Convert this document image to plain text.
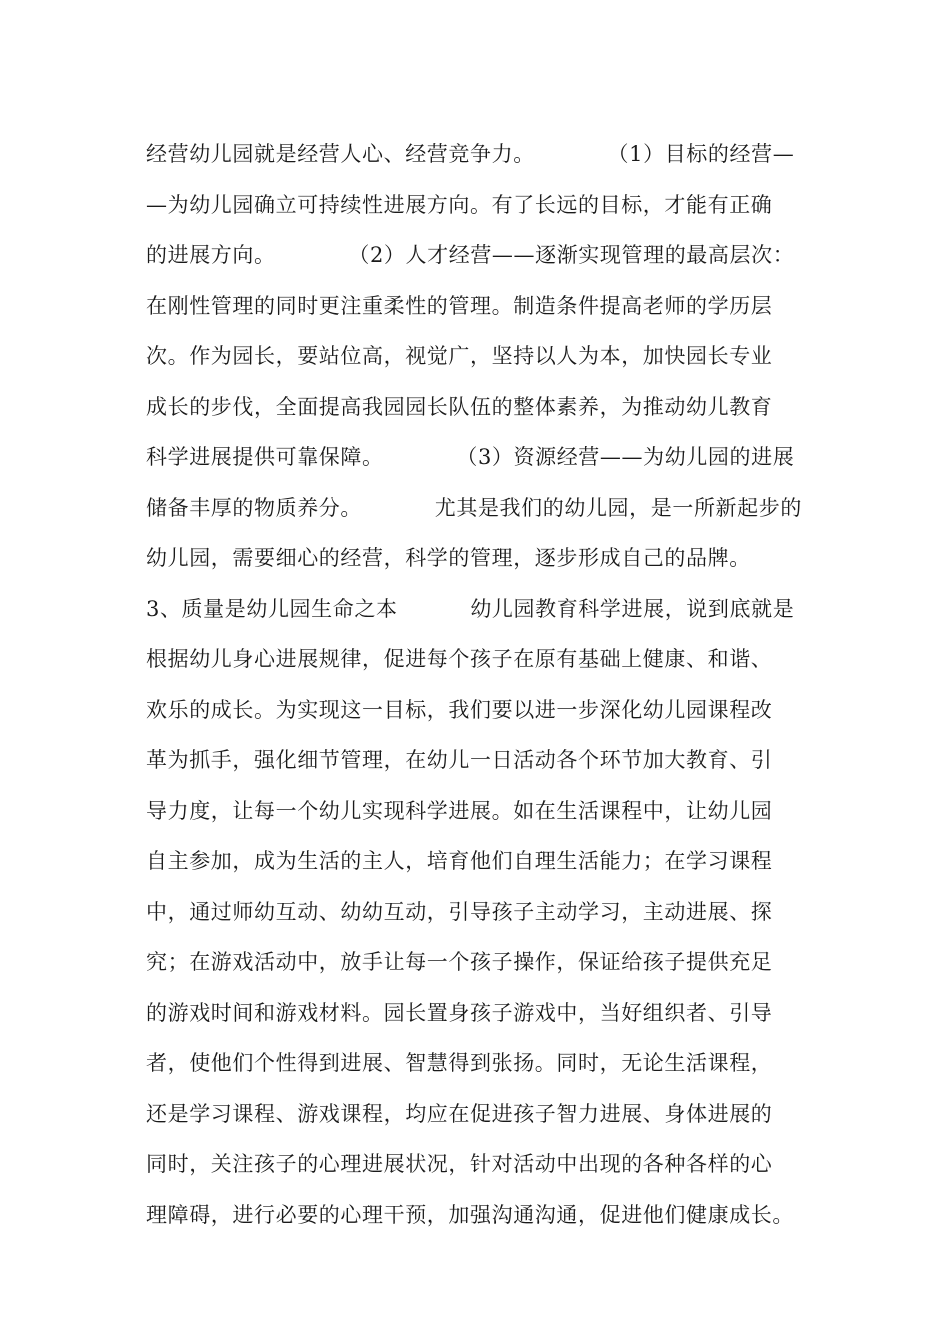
经营幼儿园就是经营人心、经营竞争力。          （1）目标的经营—
—为幼儿园确立可持续性进展方向。有了长远的目标，才能有正确
的进展方向。          （2）人才经营——逐渐实现管理的最高层次：
在刚性管理的同时更注重柔性的管理。制造条件提高老师的学历层
次。作为园长，要站位高，视觉广，坚持以人为本，加快园长专业
成长的步伐，全面提高我园园长队伍的整体素养，为推动幼儿教育
科学进展提供可靠保障。          （3）资源经营——为幼儿园的进展
储备丰厚的物质养分。          尤其是我们的幼儿园，是一所新起步的
幼儿园，需要细心的经营，科学的管理，逐步形成自己的品牌。
3、质量是幼儿园生命之本          幼儿园教育科学进展，说到底就是
根据幼儿身心进展规律，促进每个孩子在原有基础上健康、和谐、
欢乐的成长。为实现这一目标，我们要以进一步深化幼儿园课程改
革为抓手，强化细节管理，在幼儿一日活动各个环节加大教育、引
导力度，让每一个幼儿实现科学进展。如在生活课程中，让幼儿园
自主参加，成为生活的主人，培育他们自理生活能力；在学习课程
中，通过师幼互动、幼幼互动，引导孩子主动学习，主动进展、探
究；在游戏活动中，放手让每一个孩子操作，保证给孩子提供充足
的游戏时间和游戏材料。园长置身孩子游戏中，当好组织者、引导
者，使他们个性得到进展、智慧得到张扬。同时，无论生活课程，
还是学习课程、游戏课程，均应在促进孩子智力进展、身体进展的
同时，关注孩子的心理进展状况，针对活动中出现的各种各样的心
理障碍，进行必要的心理干预，加强沟通沟通，促进他们健康成长。
